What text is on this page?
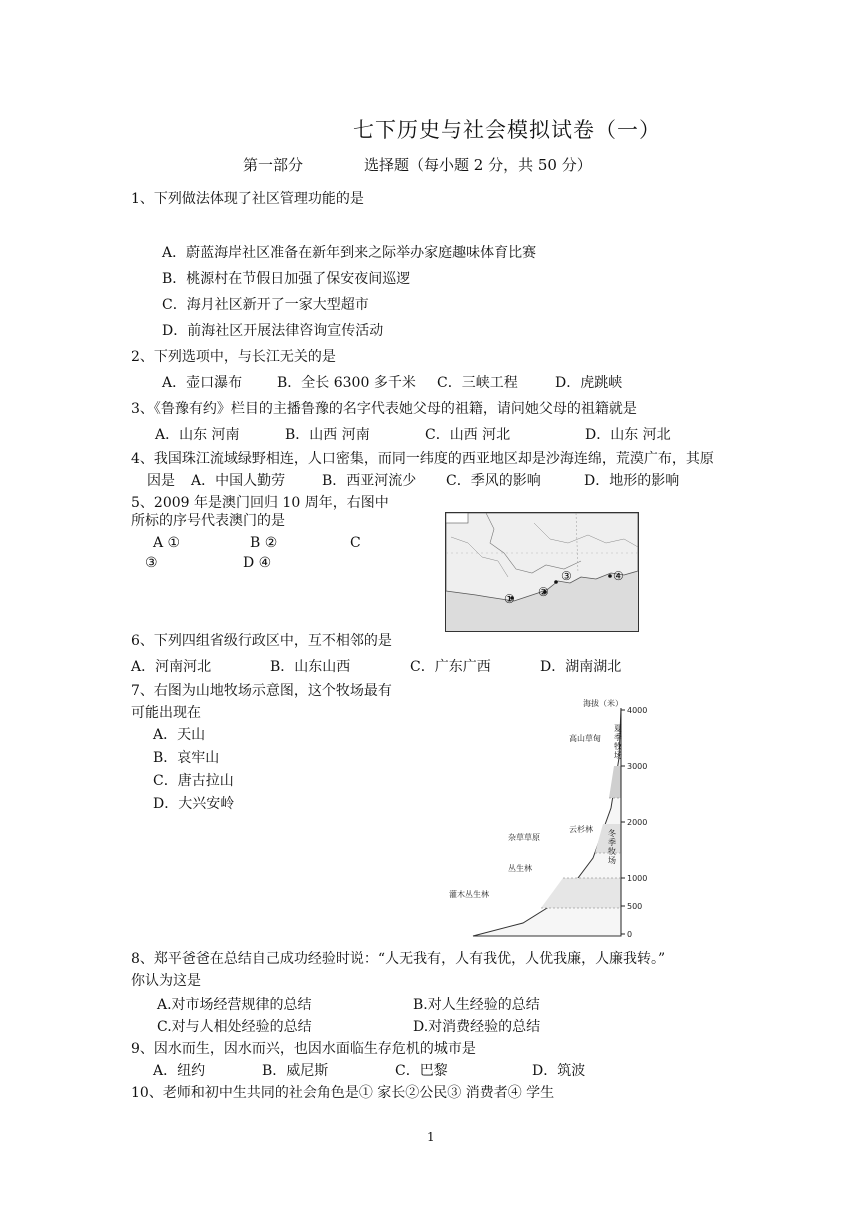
七下历史与社会模拟试卷（一）
第一部分	选择题（每小题 2 分，共 50 分）
1、下列做法体现了社区管理功能的是
A．蔚蓝海岸社区准备在新年到来之际举办家庭趣味体育比赛
B．桃源村在节假日加强了保安夜间巡逻
C．海月社区新开了一家大型超市
D．前海社区开展法律咨询宣传活动
2、下列选项中，与长江无关的是
A．壶口瀑布 B．全长 6300 多千米 C．三峡工程	D．虎跳峡
3、《鲁豫有约》栏目的主播鲁豫的名字代表她父母的祖籍，请问她父母的祖籍就是
A．山东 河南	B．山西 河南	C．山西 河北	D．山东 河北
4、我国珠江流域绿野相连，人口密集，而同一纬度的西亚地区却是沙海连绵，荒漠广布，其原
因是 A．中国人勤劳	B．西亚河流少 C．季风的影响	D．地形的影响
5、2009 年是澳门回归 10 周年，右图中
所标的序号代表澳门的是
A ①	B ②	C
③	D ④
① ②
③	④
6、下列四组省级行政区中，互不相邻的是
A．河南河北	B．山东山西	C．广东广西	D．湖南湖北
7、右图为山地牧场示意图，这个牧场最有
可能出现在
A．天山
B．哀牢山
C．唐古拉山
D．大兴安岭
海拔（米）
4000
3000
2000
1000
500
0
高山草甸
云杉林
杂草草原
丛生林
灌木丛生林
夏季牧场
冬季牧场
8、郑平爸爸在总结自己成功经验时说：“人无我有，人有我优，人优我廉，人廉我转。”
你认为这是
A.对市场经营规律的总结	B.对人生经验的总结
C.对与人相处经验的总结	D.对消费经验的总结
9、因水而生，因水而兴，也因水面临生存危机的城市是
A．纽约	B．威尼斯	C．巴黎	D．筑波
10、老师和初中生共同的社会角色是① 家长②公民③ 消费者④ 学生
1
